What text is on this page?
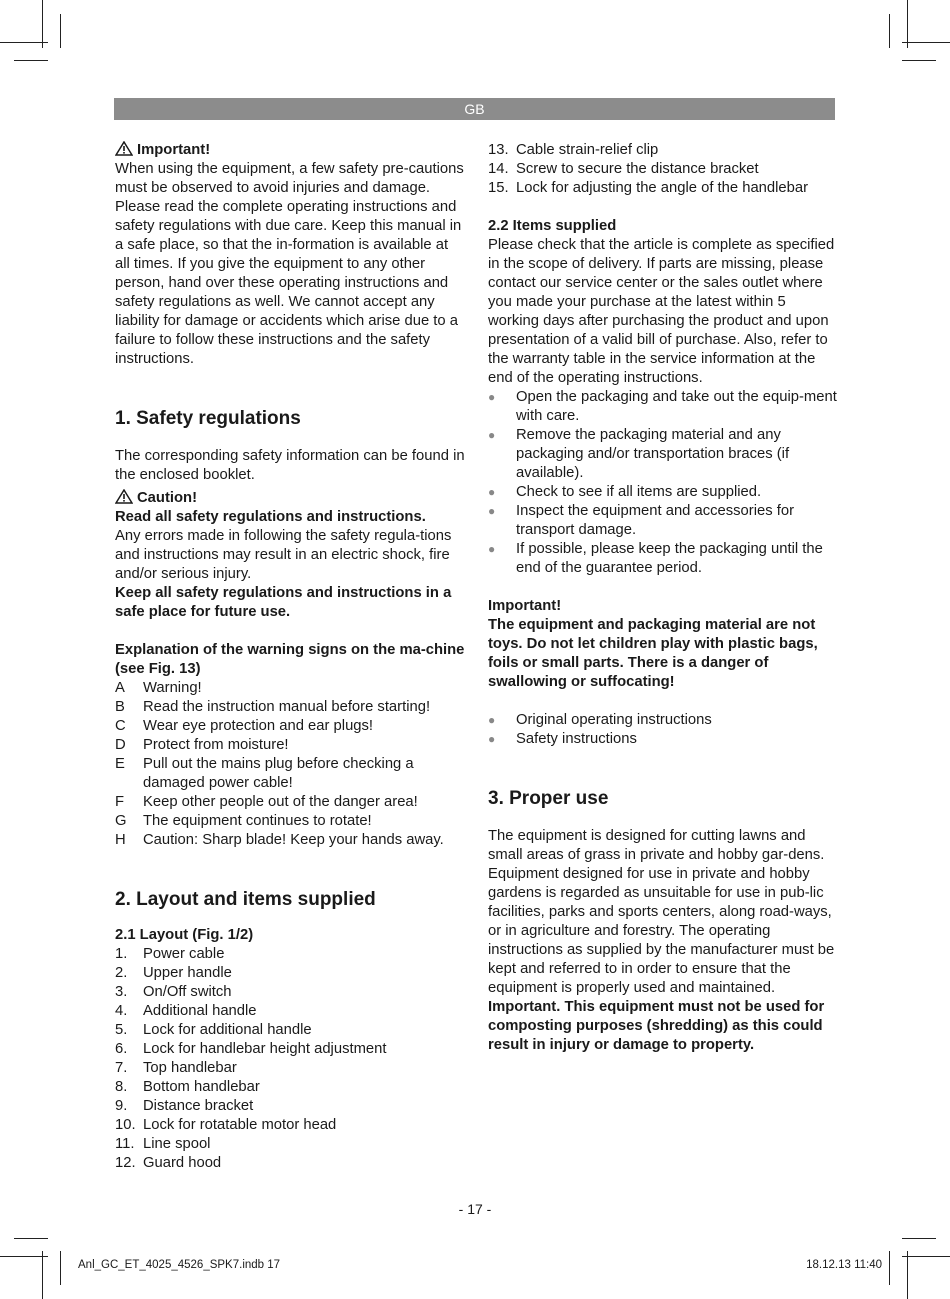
GB

Important!

When using the equipment, a few safety pre-cautions must be observed to avoid injuries and damage. Please read the complete operating instructions and safety regulations with due care. Keep this manual in a safe place, so that the in-formation is available at all times. If you give the equipment to any other person, hand over these operating instructions and safety regulations as well. We cannot accept any liability for damage or accidents which arise due to a failure to follow these instructions and the safety instructions.

1. Safety regulations

The corresponding safety information can be found in the enclosed booklet.

Caution!

Read all safety regulations and instructions.

Any errors made in following the safety regula-tions and instructions may result in an electric shock, fire and/or serious injury.

Keep all safety regulations and instructions in a safe place for future use.

Explanation of the warning signs on the ma-chine (see Fig. 13)

A	Warning!
B	Read the instruction manual before starting!
C	Wear eye protection and ear plugs!
D	Protect from moisture!
E	Pull out the mains plug before checking a damaged power cable!
F	Keep other people out of the danger area!
G	The equipment continues to rotate!
H	Caution: Sharp blade! Keep your hands away.

2. Layout and items supplied

2.1 Layout (Fig. 1/2)

1.	Power cable
2.	Upper handle
3.	On/Off switch
4.	Additional handle
5.	Lock for additional handle
6.	Lock for handlebar height adjustment
7.	Top handlebar
8.	Bottom handlebar
9.	Distance bracket
10. Lock for rotatable motor head
11. Line spool
12. Guard hood
13. Cable strain-relief clip
14. Screw to secure the distance bracket
15. Lock for adjusting the angle of the handlebar

2.2 Items supplied

Please check that the article is complete as specified in the scope of delivery. If parts are missing, please contact our service center or the sales outlet where you made your purchase at the latest within 5 working days after purchasing the product and upon presentation of a valid bill of purchase. Also, refer to the warranty table in the service information at the end of the operating instructions.

●	Open the packaging and take out the equip-ment with care.
●	Remove the packaging material and any packaging and/or transportation braces (if available).
●	Check to see if all items are supplied.
●	Inspect the equipment and accessories for transport damage.
●	If possible, please keep the packaging until the end of the guarantee period.

Important!

The equipment and packaging material are not toys. Do not let children play with plastic bags, foils or small parts. There is a danger of swallowing or suffocating!

●	Original operating instructions
●	Safety instructions

3. Proper use

The equipment is designed for cutting lawns and small areas of grass in private and hobby gar-dens.

Equipment designed for use in private and hobby gardens is regarded as unsuitable for use in pub-lic facilities, parks and sports centers, along road-ways, or in agriculture and forestry. The operating instructions as supplied by the manufacturer must be kept and referred to in order to ensure that the equipment is properly used and maintained.

Important. This equipment must not be used for composting purposes (shredding) as this could result in injury or damage to property.

- 17 -
Anl_GC_ET_4025_4526_SPK7.indb 17	18.12.13 11:40
